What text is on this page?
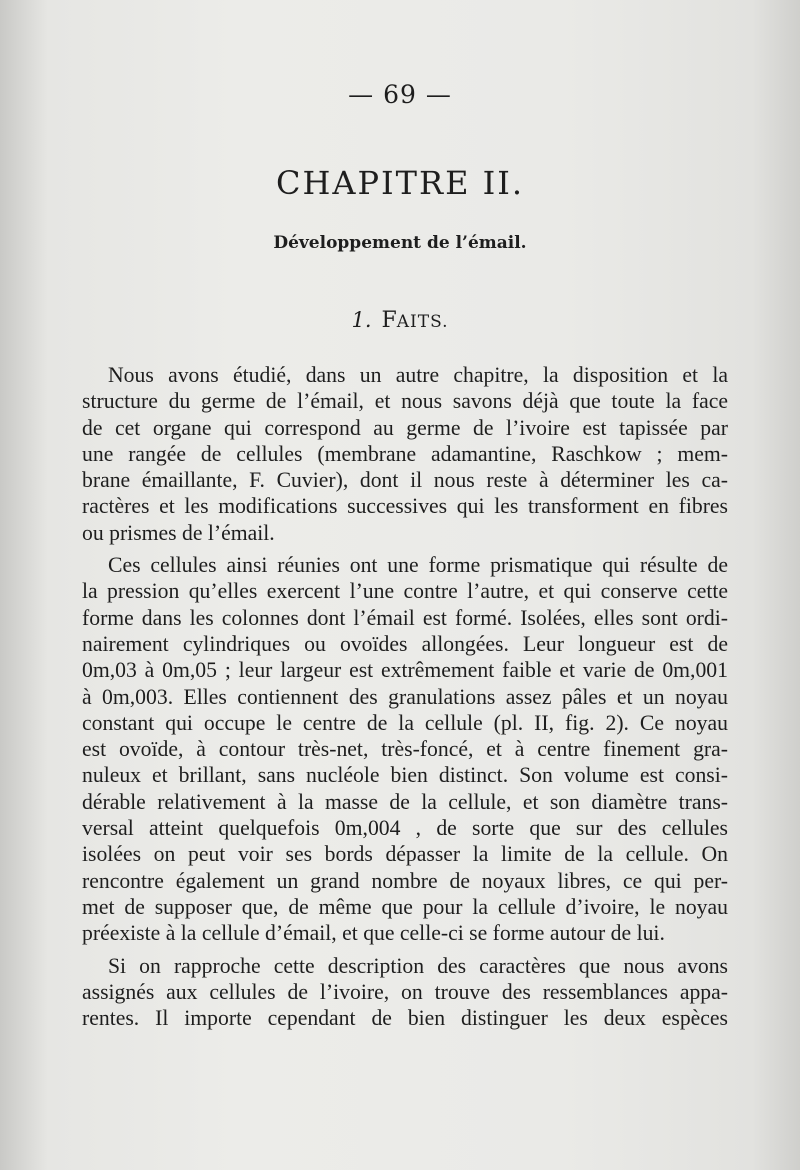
— 69 —
CHAPITRE II.
Développement de l’émail.
1. FAITS.
Nous avons étudié, dans un autre chapitre, la disposition et la
structure du germe de l’émail, et nous savons déjà que toute la face
de cet organe qui correspond au germe de l’ivoire est tapissée par
une rangée de cellules (membrane adamantine, Raschkow ; mem-
brane émaillante, F. Cuvier), dont il nous reste à déterminer les ca-
ractères et les modifications successives qui les transforment en fibres
ou prismes de l’émail.
Ces cellules ainsi réunies ont une forme prismatique qui résulte de
la pression qu’elles exercent l’une contre l’autre, et qui conserve cette
forme dans les colonnes dont l’émail est formé. Isolées, elles sont ordi-
nairement cylindriques ou ovoïdes allongées. Leur longueur est de
0m,03 à 0m,05 ; leur largeur est extrêmement faible et varie de 0m,001
à 0m,003. Elles contiennent des granulations assez pâles et un noyau
constant qui occupe le centre de la cellule (pl. II, fig. 2). Ce noyau
est ovoïde, à contour très-net, très-foncé, et à centre finement gra-
nuleux et brillant, sans nucléole bien distinct. Son volume est consi-
dérable relativement à la masse de la cellule, et son diamètre trans-
versal atteint quelquefois 0m,004 , de sorte que sur des cellules
isolées on peut voir ses bords dépasser la limite de la cellule. On
rencontre également un grand nombre de noyaux libres, ce qui per-
met de supposer que, de même que pour la cellule d’ivoire, le noyau
préexiste à la cellule d’émail, et que celle-ci se forme autour de lui.
Si on rapproche cette description des caractères que nous avons
assignés aux cellules de l’ivoire, on trouve des ressemblances appa-
rentes. Il importe cependant de bien distinguer les deux espèces
